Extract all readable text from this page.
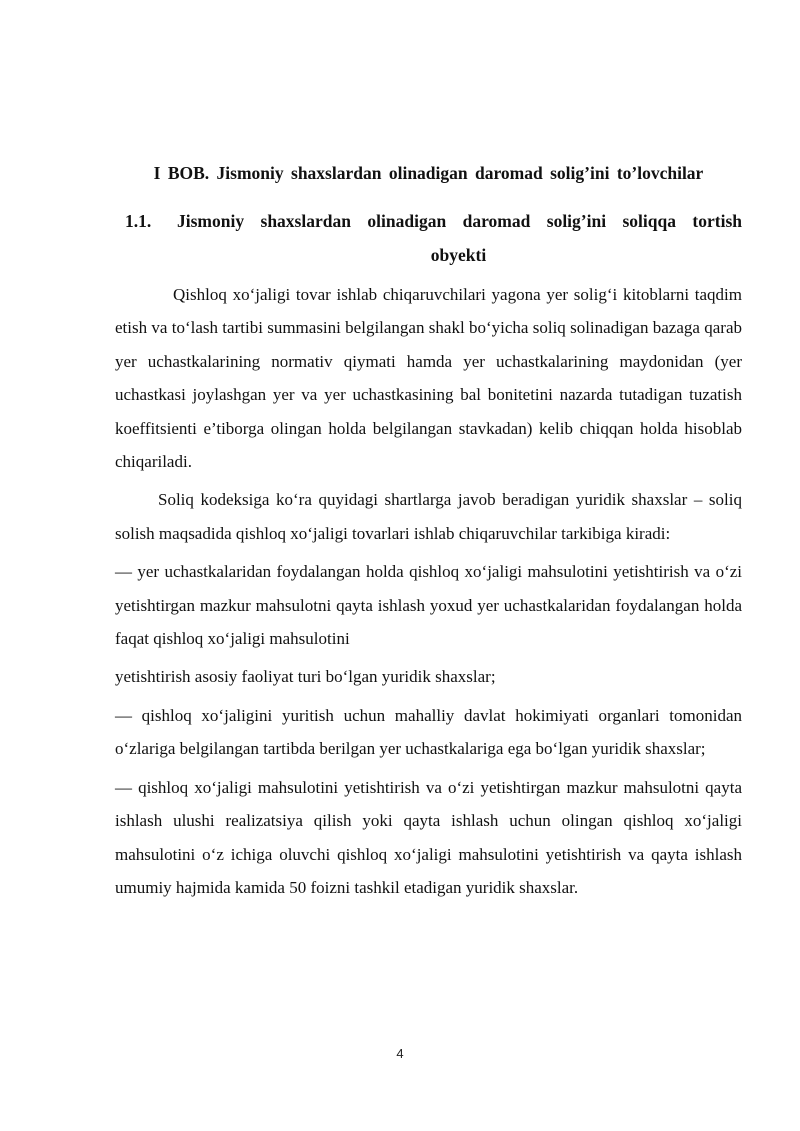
I BOB. Jismoniy shaxslardan olinadigan daromad solig’ini to’lovchilar
1.1. Jismoniy shaxslardan olinadigan daromad solig’ini soliqqa tortish
obyekti

Qishloq xo‘jaligi tovar ishlab chiqaruvchilari yagona yer solig‘i kitoblarni taqdim etish va to‘lash tartibi summasini belgilangan shakl bo‘yicha soliq solinadigan bazaga qarab yer uchastkalarining normativ qiymati hamda yer uchastkalarining maydonidan (yer uchastkasi joylashgan yer va yer uchastkasining bal bonitetini nazarda tutadigan tuzatish koeffitsienti e’tiborga olingan holda belgilangan stavkadan) kelib chiqqan holda hisoblab chiqariladi.

Soliq kodeksiga ko‘ra quyidagi shartlarga javob beradigan yuridik shaxslar – soliq solish maqsadida qishloq xo‘jaligi tovarlari ishlab chiqaruvchilar tarkibiga kiradi:

— yer uchastkalaridan foydalangan holda qishloq xo‘jaligi mahsulotini yetishtirish va o‘zi yetishtirgan mazkur mahsulotni qayta ishlash yoxud yer uchastkalaridan foydalangan holda faqat qishloq xo‘jaligi mahsulotini

yetishtirish asosiy faoliyat turi bo‘lgan yuridik shaxslar;

— qishloq xo‘jaligini yuritish uchun mahalliy davlat hokimiyati organlari tomonidan o‘zlariga belgilangan tartibda berilgan yer uchastkalariga ega bo‘lgan yuridik shaxslar;

— qishloq xo‘jaligi mahsulotini yetishtirish va o‘zi yetishtirgan mazkur mahsulotni qayta ishlash ulushi realizatsiya qilish yoki qayta ishlash uchun olingan qishloq xo‘jaligi mahsulotini o‘z ichiga oluvchi qishloq xo‘jaligi mahsulotini yetishtirish va qayta ishlash umumiy hajmida kamida 50 foizni tashkil etadigan yuridik shaxslar.

4
